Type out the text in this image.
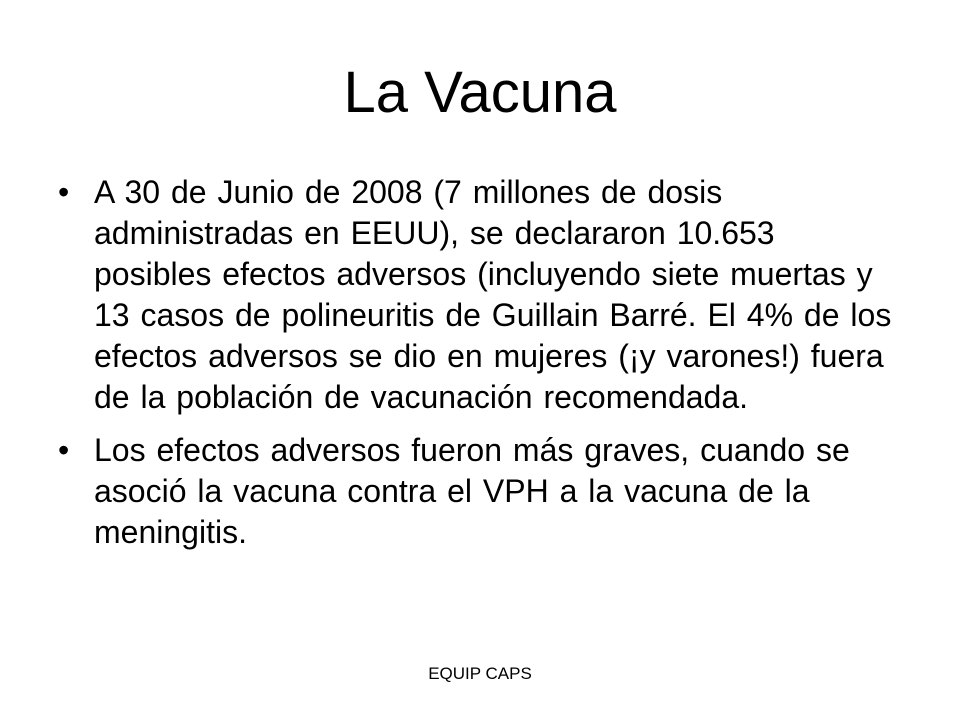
La Vacuna
• A 30 de Junio de 2008 (7 millones de dosis administradas en EEUU), se declararon 10.653 posibles efectos adversos (incluyendo siete muertas y 13 casos de polineuritis de Guillain Barré. El 4% de los efectos adversos se dio en mujeres (¡y varones!) fuera de la población de vacunación recomendada.
• Los efectos adversos fueron más graves, cuando se asoció la vacuna contra el VPH a la vacuna de la meningitis.
EQUIP CAPS
